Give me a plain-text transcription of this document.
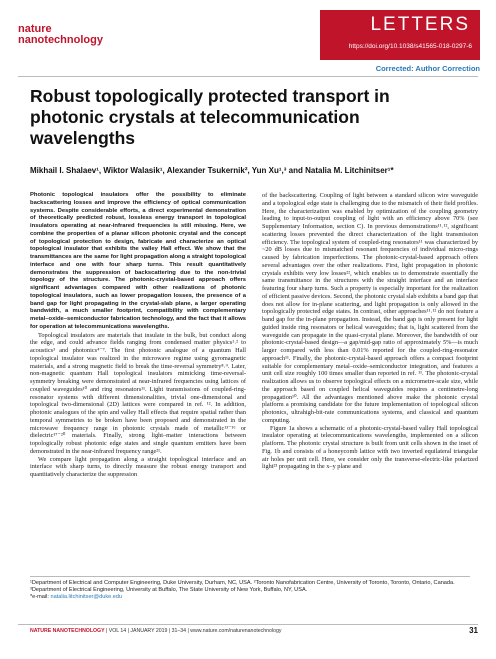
nature
nanotechnology
LETTERS
https://doi.org/10.1038/s41565-018-0297-6
Corrected: Author Correction
Robust topologically protected transport in photonic crystals at telecommunication wavelengths
Mikhail I. Shalaev¹, Wiktor Walasik¹, Alexander Tsukernik², Yun Xu¹,³ and Natalia M. Litchinitser¹*

Photonic topological insulators offer the possibility to eliminate backscattering losses and improve the efficiency of optical communication systems. Despite considerable efforts, a direct experimental demonstration of theoretically predicted robust, lossless energy transport in topological insulators operating at near-infrared frequencies is still missing. Here, we combine the properties of a planar silicon photonic crystal and the concept of topological protection to design, fabricate and characterize an optical topological insulator that exhibits the valley Hall effect. We show that the transmittances are the same for light propagation along a straight topological interface and one with four sharp turns. This result quantitatively demonstrates the suppression of backscattering due to the non-trivial topology of the structure. The photonic-crystal-based approach offers significant advantages compared with other realizations of photonic topological insulators, such as lower propagation losses, the presence of a band gap for light propagating in the crystal-slab plane, a larger operating bandwidth, a much smaller footprint, compatibility with complementary metal–oxide–semiconductor fabrication technology, and the fact that it allows for operation at telecommunications wavelengths.

Topological insulators are materials that insulate in the bulk, but conduct along the edge, and could advance fields ranging from condensed matter physics¹˒² to acoustics³ and photonics⁴⁻⁷. The first photonic analogue of a quantum Hall topological insulator was realized in the microwave regime using gyromagnetic materials, and a strong magnetic field to break the time-reversal symmetry⁸˒⁹. Later, non-magnetic quantum Hall topological insulators mimicking time-reversal-symmetry breaking were demonstrated at near-infrared frequencies using lattices of coupled waveguides¹⁰ and ring resonators¹¹. Light transmissions of coupled-ring-resonator systems with different dimensionalities, trivial one-dimensional and topological two-dimensional (2D) lattices were compared in ref. ¹². In addition, photonic analogues of the spin and valley Hall effects that require spatial rather than temporal symmetries to be broken have been proposed and demonstrated in the microwave frequency range in photonic crystals made of metallic¹³⁻¹⁶ or dielectric¹⁷⁻²⁰ materials. Finally, strong light–matter interactions between topologically robust photonic edge states and single quantum emitters have been demonstrated in the near-infrared frequency range²¹.

We compare light propagation along a straight topological interface and an interface with sharp turns, to directly measure the robust energy transport and quantitatively characterize the suppression

of the backscattering. Coupling of light between a standard silicon wire waveguide and a topological edge state is challenging due to the mismatch of their field profiles. Here, the characterization was enabled by optimization of the coupling geometry leading to input-to-output coupling of light with an efficiency above 70% (see Supplementary Information, section C). In previous demonstrations¹¹˒¹², significant scattering losses prevented the direct characterization of the light transmission efficiency. The topological system of coupled-ring resonators¹¹ was characterized by ~20 dB losses due to mismatched resonant frequencies of individual micro-rings caused by fabrication imperfections. The photonic-crystal-based approach offers several advantages over the other realizations. First, light propagation in photonic crystals exhibits very low losses²², which enables us to demonstrate essentially the same transmittance in the structures with the straight interface and an interface featuring four sharp turns. Such a property is especially important for the realization of efficient passive devices. Second, the photonic crystal slab exhibits a band gap that does not allow for in-plane scattering, and light propagation is only allowed in the topologically protected edge states. In contrast, other approaches¹¹˒¹² do not feature a band gap for the in-plane propagation. Instead, the band gap is only present for light guided inside ring resonators or helical waveguides; that is, light scattered from the waveguide can propagate in the quasi-crystal plane. Moreover, the bandwidth of our photonic-crystal-based design—a gap/mid-gap ratio of approximately 5%—is much larger compared with less than 0.01% reported for the coupled-ring-resonator approach¹¹. Finally, the photonic-crystal-based approach offers a compact footprint suitable for complementary metal–oxide–semiconductor integration, and features a unit cell size roughly 100 times smaller than reported in ref. ¹¹. The photonic-crystal realization allows us to observe topological effects on a micrometre-scale size, while the approach based on coupled helical waveguides requires a centimetre-long propagation¹⁰. All the advantages mentioned above make the photonic crystal platform a promising candidate for the future implementation of topological silicon photonics, ultrahigh-bit-rate communications systems, and classical and quantum computing.

Figure 1a shows a schematic of a photonic-crystal-based valley Hall topological insulator operating at telecommunications wavelengths, implemented on a silicon platform. The photonic crystal structure is built from unit cells shown in the inset of Fig. 1b and consists of a honeycomb lattice with two inverted equilateral triangular air holes per unit cell. Here, we consider only the transverse-electric-like polarized light²³ propagating in the x–y plane and

¹Department of Electrical and Computer Engineering, Duke University, Durham, NC, USA. ²Toronto Nanofabrication Centre, University of Toronto, Toronto, Ontario, Canada. ³Department of Electrical Engineering, University at Buffalo, The State University of New York, Buffalo, NY, USA.
*e-mail: natalia.litchinitser@duke.edu
NATURE NANOTECHNOLOGY | VOL 14 | JANUARY 2019 | 31–34 | www.nature.com/naturenanotechnology	31
